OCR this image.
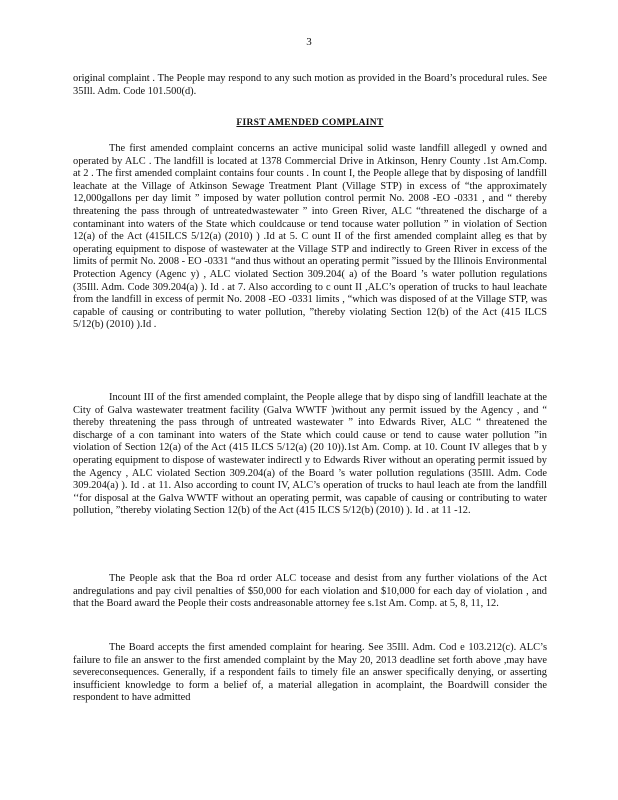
3

original complaint . The People may respond to any such motion as provided in the Board’s procedural rules. See 35Ill. Adm. Code 101.500(d).

FIRST AMENDED COMPLAINT

The first amended complaint concerns an active municipal solid waste landfill allegedl y owned and operated by ALC . The landfill is located at 1378 Commercial Drive in Atkinson, Henry County .1st Am.Comp. at 2 . The first amended complaint contains four counts . In count I, the People allege that by disposing of landfill leachate at the Village of Atkinson Sewage Treatment Plant (Village STP) in excess of “the approximately 12,000gallons per day limit ” imposed by water pollution control permit No. 2008 -EO -0331 , and “ thereby threatening the pass through of untreatedwastewater ” into Green River, ALC “threatened the discharge of a contaminant into waters of the State which couldcause or tend tocause water pollution ” in violation of Section 12(a) of the Act (415ILCS 5/12(a) (2010) ) .Id at 5. C ount II of the first amended complaint alleg es that by operating equipment to dispose of wastewater at the Village STP and indirectly to Green River in excess of the limits of permit No. 2008 - EO -0331 “and thus without an operating permit ”issued by the Illinois Environmental Protection Agency (Agenc y) , ALC violated Section 309.204( a) of the Board ’s water pollution regulations (35Ill. Adm. Code 309.204(a) ). Id . at 7. Also according to c ount II ,ALC’s operation of trucks to haul leachate from the landfill in excess of permit No. 2008 -EO -0331 limits , “which was disposed of at the Village STP, was capable of causing or contributing to water pollution, ”thereby violating Section 12(b) of the Act (415 ILCS 5/12(b) (2010) ).Id .

Incount III of the first amended complaint, the People allege that by dispo sing of landfill leachate at the City of Galva wastewater treatment facility (Galva WWTF )without any permit issued by the Agency , and “ thereby threatening the pass through of untreated wastewater ” into Edwards River, ALC “ threatened the discharge of a con taminant into waters of the State which could cause or tend to cause water pollution ”in violation of Section 12(a) of the Act (415 ILCS 5/12(a) (20 10)).1st Am. Comp. at 10. Count IV alleges that b y operating equipment to dispose of wastewater indirectl y to Edwards River without an operating permit issued by the Agency , ALC violated Section 309.204(a) of the Board ’s water pollution regulations (35Ill. Adm. Code 309.204(a) ). Id . at 11. Also according to count IV, ALC’s operation of trucks to haul leach ate from the landfill ‘‘for disposal at the Galva WWTF without an operating permit, was capable of causing or contributing to water pollution, ”thereby violating Section 12(b) of the Act (415 ILCS 5/12(b) (2010) ). Id . at 11 -12.

The People ask that the Boa rd order ALC tocease and desist from any further violations of the Act andregulations and pay civil penalties of $50,000 for each violation and $10,000 for each day of violation , and that the Board award the People their costs andreasonable attorney fee s.1st Am. Comp. at 5, 8, 11, 12.

The Board accepts the first amended complaint for hearing. See 35Ill. Adm. Cod e 103.212(c). ALC’s failure to file an answer to the first amended complaint by the May 20, 2013 deadline set forth above ,may have severeconsequences. Generally, if a respondent fails to timely file an answer specifically denying, or asserting insufficient knowledge to form a belief of, a material allegation in acomplaint, the Boardwill consider the respondent to have admitted
